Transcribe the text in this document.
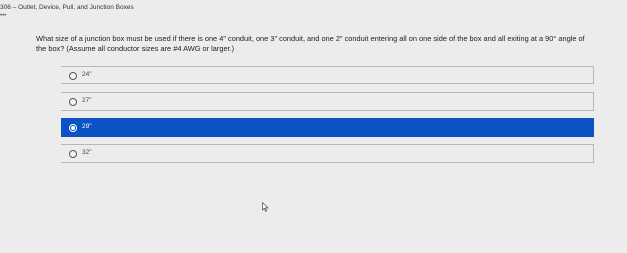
306 – Outlet, Device, Pull, and Junction Boxes
•••
What size of a junction box must be used if there is one 4" conduit, one 3" conduit, and one 2" conduit entering all on one side of the box and all exiting at a 90° angle of the box? (Assume all conductor sizes are #4 AWG or larger.)
24"
27"
29"
32"
